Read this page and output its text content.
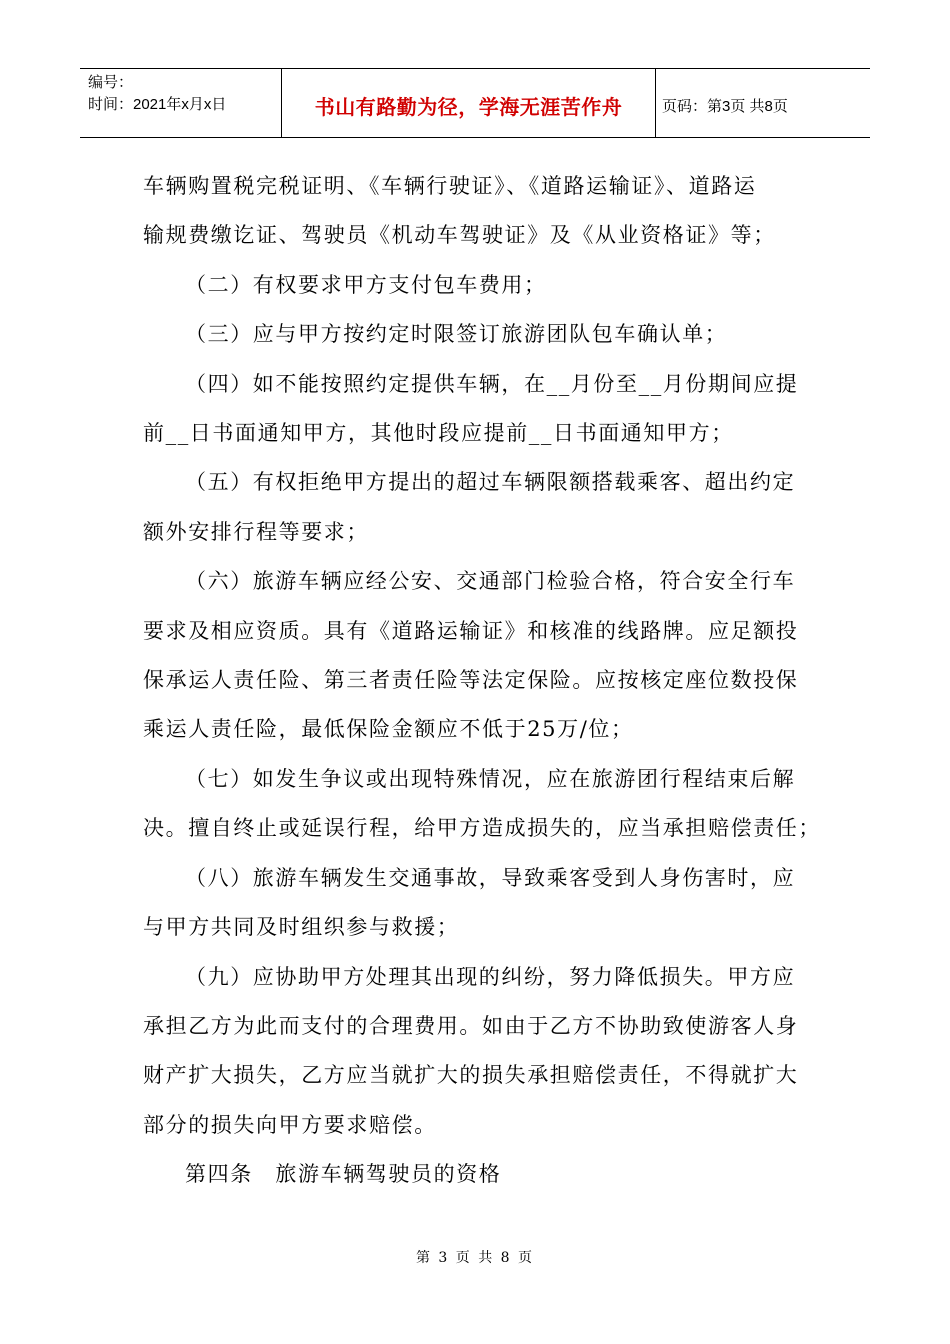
编号：
时间：2021年x月x日	书山有路勤为径，学海无涯苦作舟	页码：第3页 共8页
车辆购置税完税证明、《车辆行驶证》、《道路运输证》、道路运
输规费缴讫证、驾驶员《机动车驾驶证》及《从业资格证》等；
（二）有权要求甲方支付包车费用；
（三）应与甲方按约定时限签订旅游团队包车确认单；
（四）如不能按照约定提供车辆，在__月份至__月份期间应提
前__日书面通知甲方，其他时段应提前__日书面通知甲方；
（五）有权拒绝甲方提出的超过车辆限额搭载乘客、超出约定
额外安排行程等要求；
（六）旅游车辆应经公安、交通部门检验合格，符合安全行车
要求及相应资质。具有《道路运输证》和核准的线路牌。应足额投
保承运人责任险、第三者责任险等法定保险。应按核定座位数投保
乘运人责任险，最低保险金额应不低于25万/位；
（七）如发生争议或出现特殊情况，应在旅游团行程结束后解
决。擅自终止或延误行程，给甲方造成损失的，应当承担赔偿责任；
（八）旅游车辆发生交通事故，导致乘客受到人身伤害时，应
与甲方共同及时组织参与救援；
（九）应协助甲方处理其出现的纠纷，努力降低损失。甲方应
承担乙方为此而支付的合理费用。如由于乙方不协助致使游客人身
财产扩大损失，乙方应当就扩大的损失承担赔偿责任，不得就扩大
部分的损失向甲方要求赔偿。
第四条　旅游车辆驾驶员的资格
第 3 页 共 8 页
